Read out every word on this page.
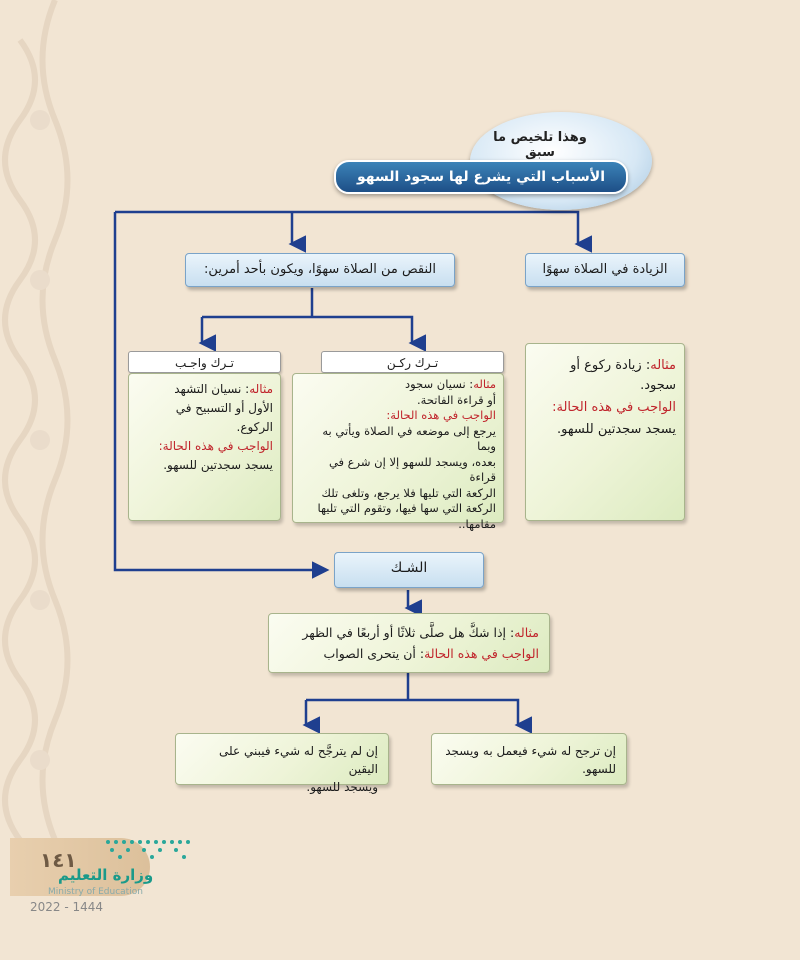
وهذا تلخيص ما سبق
الأسباب التي يشرع لها سجود السهو
الزيادة في الصلاة سهوًا

مثاله: زيادة ركوع أو سجود.

الواجب في هذه الحالة:

يسجد سجدتين للسهو.

النقص من الصلاة سهوًا، ويكون بأحد أمرين:
تـرك ركـن

مثاله: نسيان سجود

أو قراءة الفاتحة.

الواجب في هذه الحالة:

يرجع إلى موضعه في الصلاة ويأتي به وبما

بعده، ويسجد للسهو إلا إن شرع في قراءة

الركعة التي تليها فلا يرجع، وتلغى تلك

الركعة التي سها فيها، وتقوم التي تليها

مقامها..

تـرك واجـب

مثاله: نسيان التشهد

الأول أو التسبيح في الركوع.

الواجب في هذه الحالة:

يسجد سجدتين للسهو.

الشـك

مثاله: إذا شكَّ هل صلَّى ثلاثًا أو أربعًا في الظهر

الواجب في هذه الحالة: أن يتحرى الصواب

إن ترجح له شيء فيعمل به ويسجد

للسهو.

إن لم يترجَّح له شيء فيبني على اليقين

ويسجد للسهو.

١٤١
وزارة التعليم
Ministry of Education
2022 - 1444
